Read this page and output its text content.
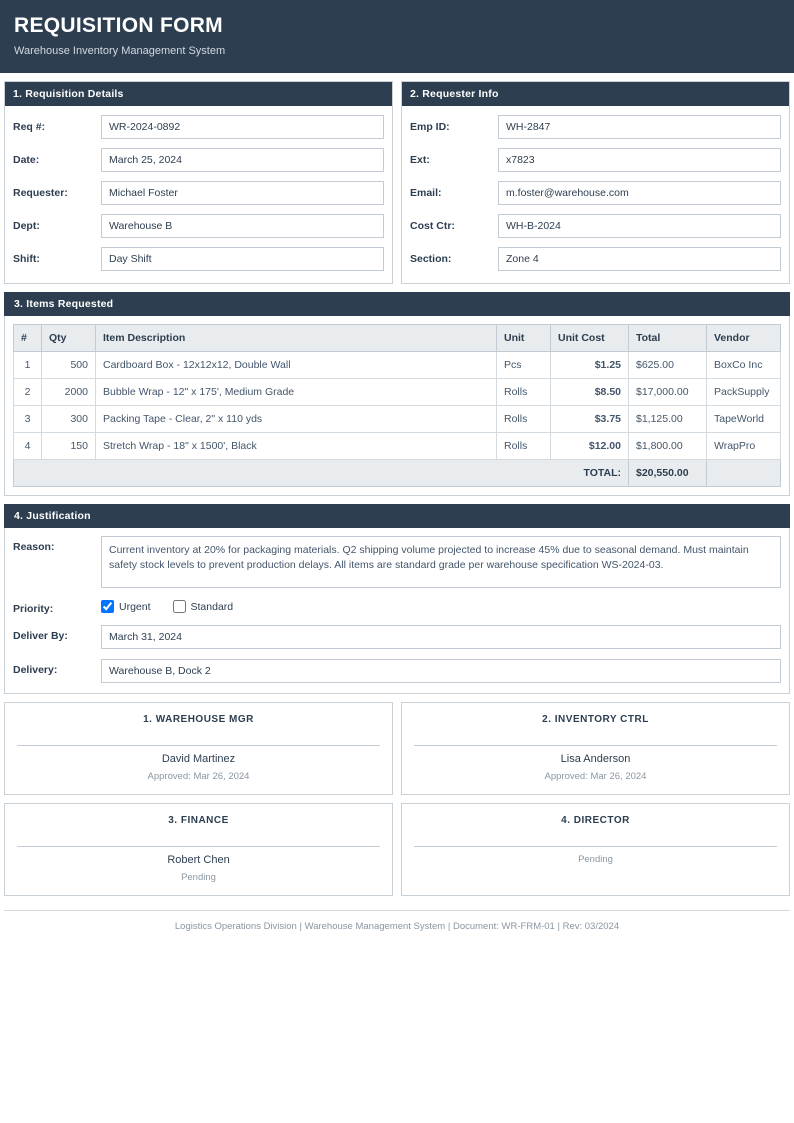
REQUISITION FORM
Warehouse Inventory Management System
1. Requisition Details
Req #:	WR-2024-0892
Date:	March 25, 2024
Requester:	Michael Foster
Dept:	Warehouse B
Shift:	Day Shift
2. Requester Info
Emp ID:	WH-2847
Ext:	x7823
Email:	m.foster@warehouse.com
Cost Ctr:	WH-B-2024
Section:	Zone 4
3. Items Requested
#	Qty	Item Description	Unit	Unit Cost	Total	Vendor
1	500	Cardboard Box - 12x12x12, Double Wall	Pcs	$1.25	$625.00	BoxCo Inc
2	2000	Bubble Wrap - 12" x 175', Medium Grade	Rolls	$8.50	$17,000.00	PackSupply
3	300	Packing Tape - Clear, 2" x 110 yds	Rolls	$3.75	$1,125.00	TapeWorld
4	150	Stretch Wrap - 18" x 1500', Black	Rolls	$12.00	$1,800.00	WrapPro
TOTAL:					$20,550.00	
4. Justification
Reason:	Current inventory at 20% for packaging materials. Q2 shipping volume projected to increase 45% due to seasonal demand. Must maintain safety stock levels to prevent production delays. All items are standard grade per warehouse specification WS-2024-03.
Priority:	Urgent	Standard
Deliver By:	March 31, 2024
Delivery:	Warehouse B, Dock 2
1. WAREHOUSE MGR
David Martinez
Approved: Mar 26, 2024
2. INVENTORY CTRL
Lisa Anderson
Approved: Mar 26, 2024
3. FINANCE
Robert Chen
Pending
4. DIRECTOR
Pending
Logistics Operations Division | Warehouse Management System | Document: WR-FRM-01 | Rev: 03/2024
